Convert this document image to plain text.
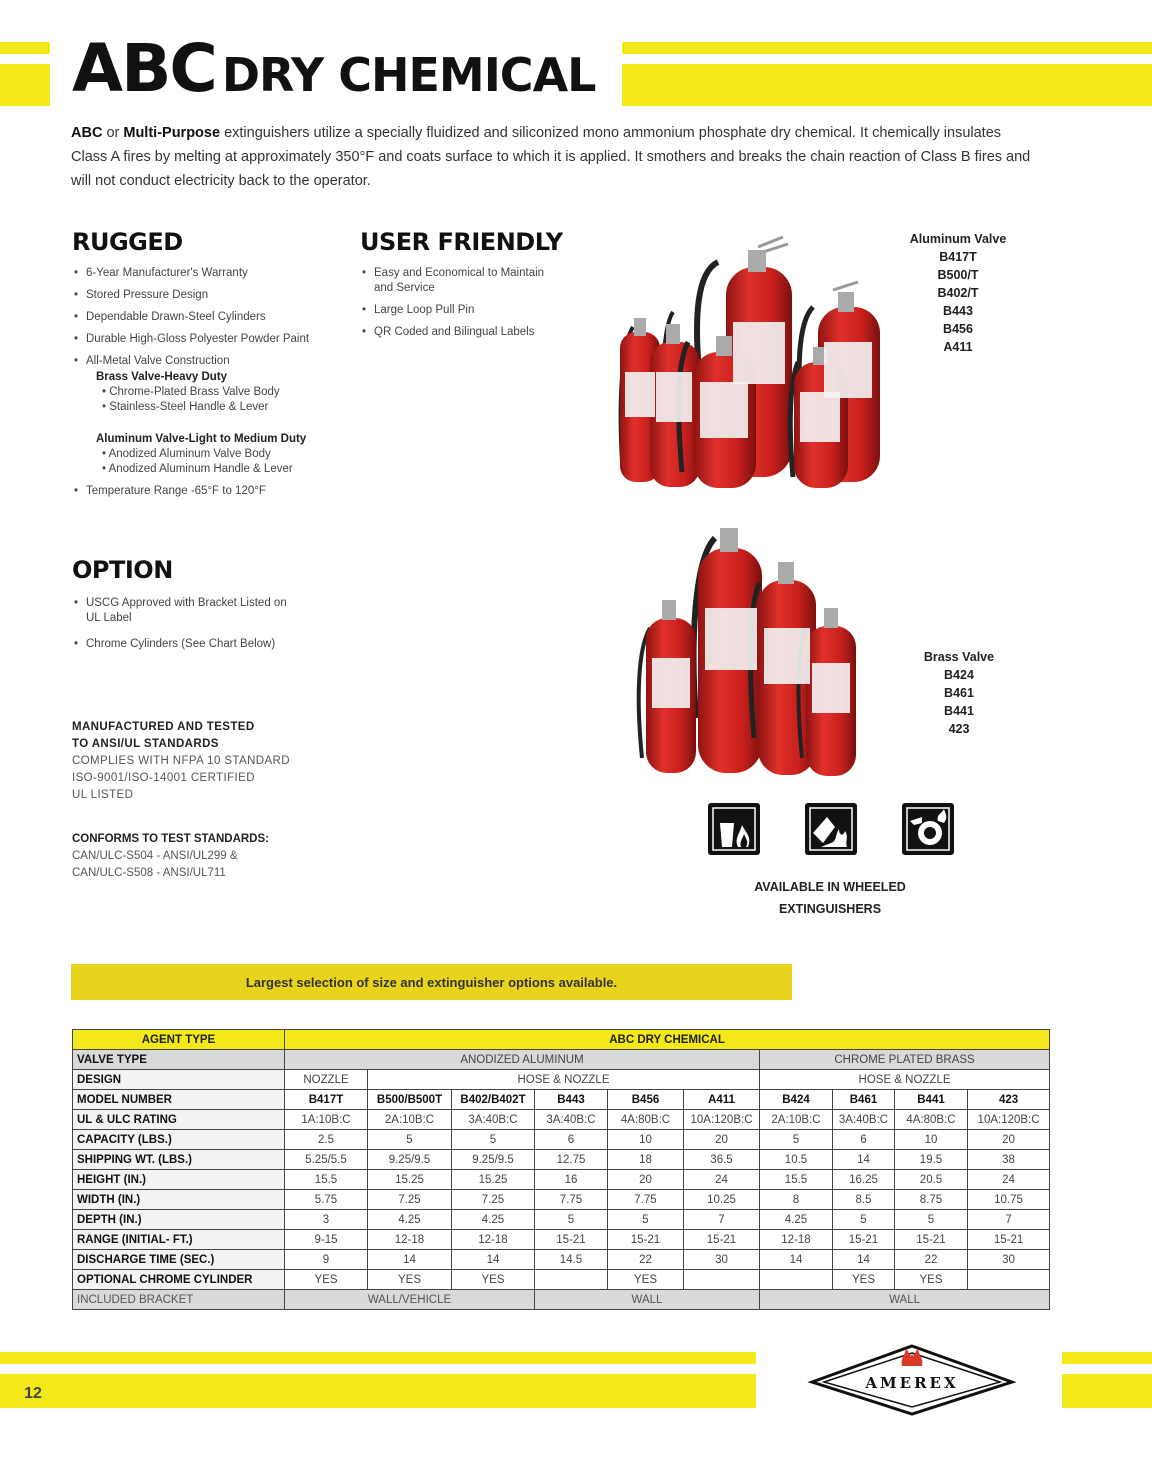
ABC DRY CHEMICAL

ABC or Multi-Purpose extinguishers utilize a specially fluidized and siliconized mono ammonium phosphate dry chemical. It chemically insulates Class A fires by melting at approximately 350°F and coats surface to which it is applied. It smothers and breaks the chain reaction of Class B fires and will not conduct electricity back to the operator.

RUGGED
• 6-Year Manufacturer's Warranty
• Stored Pressure Design
• Dependable Drawn-Steel Cylinders
• Durable High-Gloss Polyester Powder Paint
• All-Metal Valve Construction
Brass Valve-Heavy Duty
• Chrome-Plated Brass Valve Body
• Stainless-Steel Handle & Lever
Aluminum Valve-Light to Medium Duty
• Anodized Aluminum Valve Body
• Anodized Aluminum Handle & Lever
• Temperature Range -65°F to 120°F
USER FRIENDLY
• Easy and Economical to Maintain and Service
• Large Loop Pull Pin
• QR Coded and Bilingual Labels
OPTION
• USCG Approved with Bracket Listed on UL Label
• Chrome Cylinders (See Chart Below)
MANUFACTURED AND TESTED
TO ANSI/UL STANDARDS
COMPLIES WITH NFPA 10 STANDARD
ISO-9001/ISO-14001 CERTIFIED
UL LISTED
CONFORMS TO TEST STANDARDS:
CAN/ULC-S504 - ANSI/UL299 &
CAN/ULC-S508 - ANSI/UL711
Aluminum Valve
B417T
B500/T
B402/T
B443
B456
A411
Brass Valve
B424
B461
B441
423
AVAILABLE IN WHEELED
EXTINGUISHERS
Largest selection of size and extinguisher options available.
AGENT TYPE	ABC DRY CHEMICAL									
VALVE TYPE	ANODIZED ALUMINUM						CHROME PLATED BRASS			
DESIGN	NOZZLE	HOSE & NOZZLE					HOSE & NOZZLE			
MODEL NUMBER	B417T	B500/B500T	B402/B402T	B443	B456	A411	B424	B461	B441	423
UL & ULC RATING	1A:10B:C	2A:10B:C	3A:40B:C	3A:40B:C	4A:80B:C	10A:120B:C	2A:10B:C	3A:40B:C	4A:80B:C	10A:120B:C
CAPACITY (LBS.)	2.5	5	5	6	10	20	5	6	10	20
SHIPPING WT. (LBS.)	5.25/5.5	9.25/9.5	9.25/9.5	12.75	18	36.5	10.5	14	19.5	38
HEIGHT (IN.)	15.5	15.25	15.25	16	20	24	15.5	16.25	20.5	24
WIDTH (IN.)	5.75	7.25	7.25	7.75	7.75	10.25	8	8.5	8.75	10.75
DEPTH (IN.)	3	4.25	4.25	5	5	7	4.25	5	5	7
RANGE (INITIAL- FT.)	9-15	12-18	12-18	15-21	15-21	15-21	12-18	15-21	15-21	15-21
DISCHARGE TIME (SEC.)	9	14	14	14.5	22	30	14	14	22	30
OPTIONAL CHROME CYLINDER	YES	YES	YES		YES			YES	YES	
INCLUDED BRACKET	WALL/VEHICLE			WALL			WALL			
12
AMEREX
